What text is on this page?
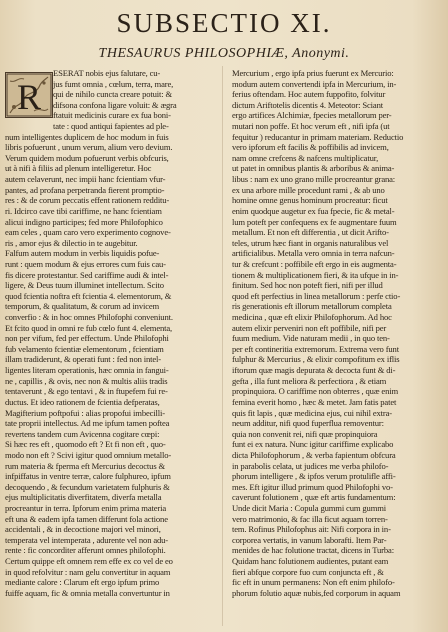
SUBSECTIO XI.
THESAURUS PHILOSOPHIÆ, Anonymi.
R
ESERAT nobis ejus falutare, cu-
jus fumt omnia , cœlum, terra, mare,
qui de nihilo cuncta creare potuit: &
difsona confona ligare voluit: & ægra
ftatuit medicinis curare ex fua boni-
tate : quod antiqui fapientes ad ple-
num intelligentes duplicem de hoc modum in fuis
libris pofuerunt , unum verum, alium vero devium.
Verum quidem modum pofuerunt verbis obfcuris,
ut à nifi à filiis ad plenum intelligeretur. Hoc
autem celaverunt, nec impii hanc fcientiam vfur-
pantes, ad profana perpetranda fierent promptio-
res : & de corum peccatis effent rationem redditu-
ri. Idcirco cave tibi cariffime, ne hanc fcientiam
alicui indigno participes; fed more Philofophico
eam celes , quam caro vero experimento cognove-
ris , amor ejus & dilectio in te augebitur.
Falfum autem modum in verbis liquidis pofue-
runt : quem modum & ejus errores cum fuis cau-
fis dicere protestantur. Sed cariffime audi & intel-
ligere, & Deus tuum illuminet intellectum. Scito
quod fcientia noftra eft fcientia 4. elementorum, &
temporum, & qualitatum, & corum ad invicem
converfio : & in hoc omnes Philofophi conveniunt.
Et fcito quod in omni re fub cœlo funt 4. elementa,
non per vifum, fed per effectum. Unde Philofophi
fub velamento fcientiæ elementorum , fcientiam
illam tradiderunt, & operati funt : fed non intel-
ligentes literam operationis, hæc omnia in fangui-
ne , capillis , & ovis, nec non & multis aliis tradis
tentaverunt , & ego tentavi , & in ftupefem fui re-
ductus. Et ideo rationem de fcientia defperatas,
Magifterium poftpofui : alias propofui imbecilli-
tate proprii intellectus. Ad me ipfum tamen poftea
revertens tandem cum Avicenna cogitare cœpi:
Si hæc res eft , quomodo eft ? Et fi non eft , quo-
modo non eft ? Scivi igitur quod omnium metallo-
rum materia & fperma eft Mercurius decoctus &
infpiffatus in ventre terræ, calore fulphureo, ipfum
decoquendo , & fecundum varietatem fulphuris &
ejus multiplicitatis diverfitatem, diverfa metalla
procreantur in terra. Ipforum enim prima materia
eft una & eadem ipfa tamen differunt fola actione
accidentali , & in decoctione majori vel minori,
temperata vel intemperata , adurente vel non adu-
rente : fic concorditer afferunt omnes philofophi.
Certum quippe eft omnem rem effe ex co vel de eo
in quod refolvitur : nam gelu convertitur in aquam
mediante calore : Clarum eft ergo ipfum primo
fuiffe aquam, fic & omnia metalla convertuntur in
Mercurium , ergo ipfa prius fuerunt ex Mercurio:
modum autem convertendi ipfa in Mercurium, in-
ferius oftendam. Hoc autem fuppofito, folvitur
dictum Ariftotelis dicentis 4. Meteotor: Sciant
ergo artifices Alchimiæ, fpecies metallorum per-
mutari non poffe. Et hoc verum eft , nifi ipfa (ut
fequitur ) reducantur in primam materiam. Reductio
vero ipforum eft facilis & poffibilis ad invicem,
nam omne crefcens & nafcens multiplicatur,
ut patet in omnibus plantis & arboribus & anima-
libus : nam ex uno grano mille procreantur grana:
ex una arbore mille procedunt rami , & ab uno
homine omne genus hominum procreatur: ficut
enim quodque augetur ex fua fpecie, fic & metal-
lum poteft per confequens ex fe augmentare fuum
metallum. Et non eft differentia , ut dicit Arifto-
teles, utrum hæc fiant in organis naturalibus vel
artificialibus. Metalla vero omnia in terra nafcun-
tur & crefcunt : poffibile eft ergo in eis augmenta-
tionem & multiplicationem fieri, & ita ufque in in-
finitum. Sed hoc non poteft fieri, nifi per illud
quod eft perfectius in linea metallorum : perfe ctio-
ris generationis eft illorum metallorum completa
medicina , quæ eft elixir Philofophorum. Ad hoc
autem elixir perveniri non eft poffibile, nifi per
fuum medium. Vide naturam medii , in quo ten-
per eft contineritia extremorum. Extrema vero funt
fulphur & Mercurius , & elixir compofitum ex iflis
iftorum quæ magis depurata & decocta funt & di-
gefta , illa funt meliora & perfectiora , & etiam
propinquiora. O cariffime non obterres , quæ enim
femina everit homo , hæc & metet. Jam fatis patet
quis fit lapis , quæ medicina ejus, cui nihil extra-
neum additur, nifi quod fuperflua removentur:
quia non convenit rei, nifi quæ propinquiora
funt ei ex natura. Nunc igitur cariffime explicabo
dicta Philofophorum , & verba fapientum obfcura
in parabolis celata, ut judices me verba philofo-
phorum intelligere , & ipfos verum protulifle affi-
mes. Eft igitur illud primum quod Philofophi vo-
caverunt folutionem , quæ eft artis fundamentum:
Unde dicit Maria : Copula gummi cum gummi
vero matrimonio, & fac illa ficut aquam torren-
tem. Rofinus Philofophus ait: Nifi corpora in in-
corporea vertatis, in vanum laborafti. Item Par-
menides de hac folutione tractat, dicens in Turba:
Quidam hanc folutionem audientes, putant eam
fieri abfque corpore fuo cum conjuncta eft , &
fic eft in unum permanens: Non eft enim philofo-
phorum folutio aquæ nubis,fed corporum in aquam
